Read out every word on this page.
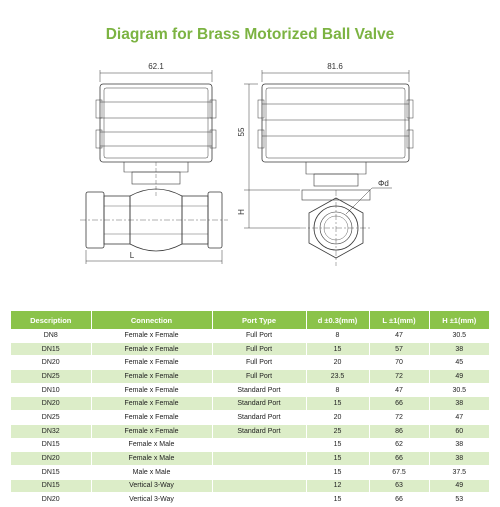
Diagram for Brass Motorized Ball Valve
62.1	81.6
55
H
L
Φd
Description	Connection	Port Type	d ±0.3(mm)	L ±1(mm)	H ±1(mm)
DN8	Female x Female	Full Port	8	47	30.5
DN15	Female x Female	Full Port	15	57	38
DN20	Female x Female	Full Port	20	70	45
DN25	Female x Female	Full Port	23.5	72	49
DN10	Female x Female	Standard Port	8	47	30.5
DN20	Female x Female	Standard Port	15	66	38
DN25	Female x Female	Standard Port	20	72	47
DN32	Female x Female	Standard Port	25	86	60
DN15	Female x Male		15	62	38
DN20	Female x Male		15	66	38
DN15	Male x Male		15	67.5	37.5
DN15	Vertical 3-Way		12	63	49
DN20	Vertical 3-Way		15	66	53
